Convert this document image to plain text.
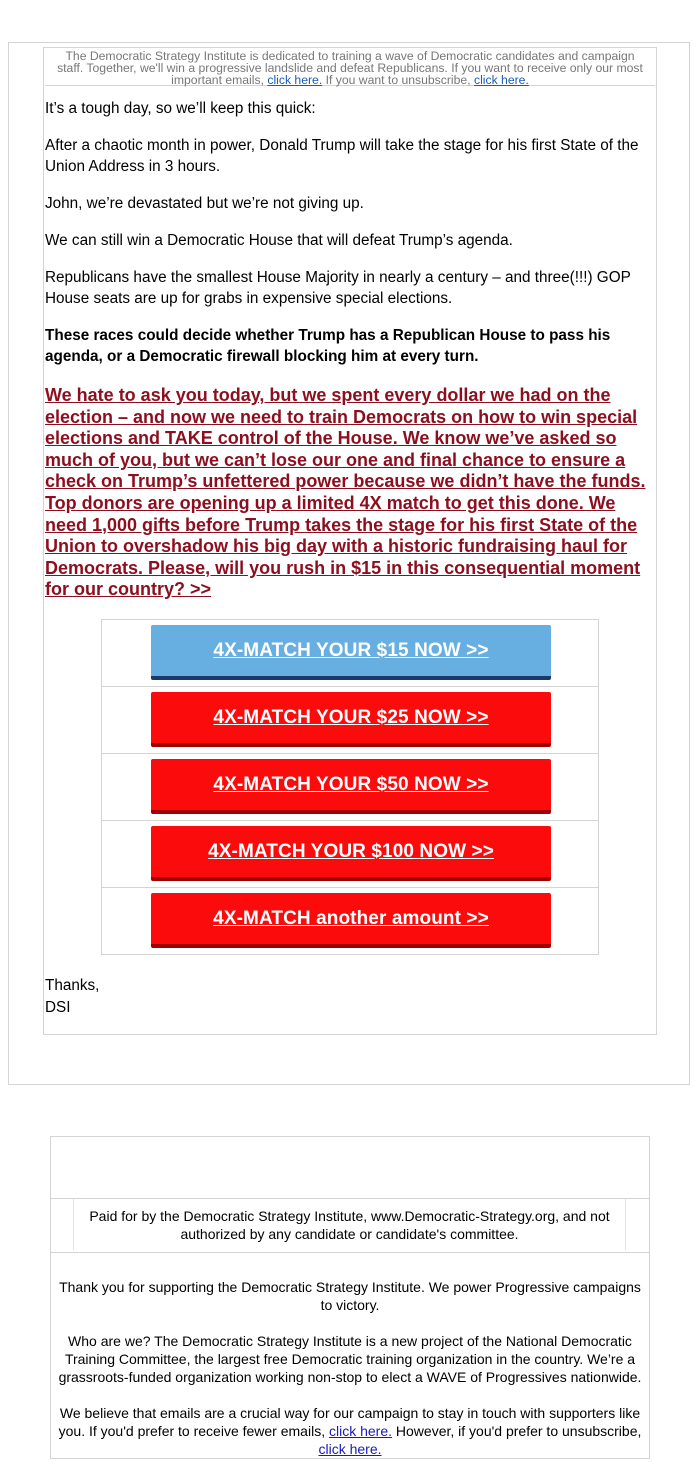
The Democratic Strategy Institute is dedicated to training a wave of Democratic candidates and campaign staff. Together, we'll win a progressive landslide and defeat Republicans. If you want to receive only our most important emails, click here. If you want to unsubscribe, click here.

It’s a tough day, so we’ll keep this quick:

After a chaotic month in power, Donald Trump will take the stage for his first State of the Union Address in 3 hours.

John, we’re devastated but we’re not giving up.

We can still win a Democratic House that will defeat Trump’s agenda.

Republicans have the smallest House Majority in nearly a century – and three(!!!) GOP House seats are up for grabs in expensive special elections.

These races could decide whether Trump has a Republican House to pass his agenda, or a Democratic firewall blocking him at every turn.

We hate to ask you today, but we spent every dollar we had on the election – and now we need to train Democrats on how to win special elections and TAKE control of the House. We know we’ve asked so much of you, but we can’t lose our one and final chance to ensure a check on Trump’s unfettered power because we didn’t have the funds. Top donors are opening up a limited 4X match to get this done. We need 1,000 gifts before Trump takes the stage for his first State of the Union to overshadow his big day with a historic fundraising haul for Democrats. Please, will you rush in $15 in this consequential moment for our country? >>
4X-MATCH YOUR $15 NOW >>
4X-MATCH YOUR $25 NOW >>
4X-MATCH YOUR $50 NOW >>
4X-MATCH YOUR $100 NOW >>
4X-MATCH another amount >>
Thanks,
DSI
Paid for by the Democratic Strategy Institute, www.Democratic-Strategy.org, and not authorized by any candidate or candidate's committee.

Thank you for supporting the Democratic Strategy Institute. We power Progressive campaigns to victory.

Who are we? The Democratic Strategy Institute is a new project of the National Democratic Training Committee, the largest free Democratic training organization in the country. We’re a grassroots-funded organization working non-stop to elect a WAVE of Progressives nationwide.

We believe that emails are a crucial way for our campaign to stay in touch with supporters like you. If you'd prefer to receive fewer emails, click here. However, if you'd prefer to unsubscribe, click here.
